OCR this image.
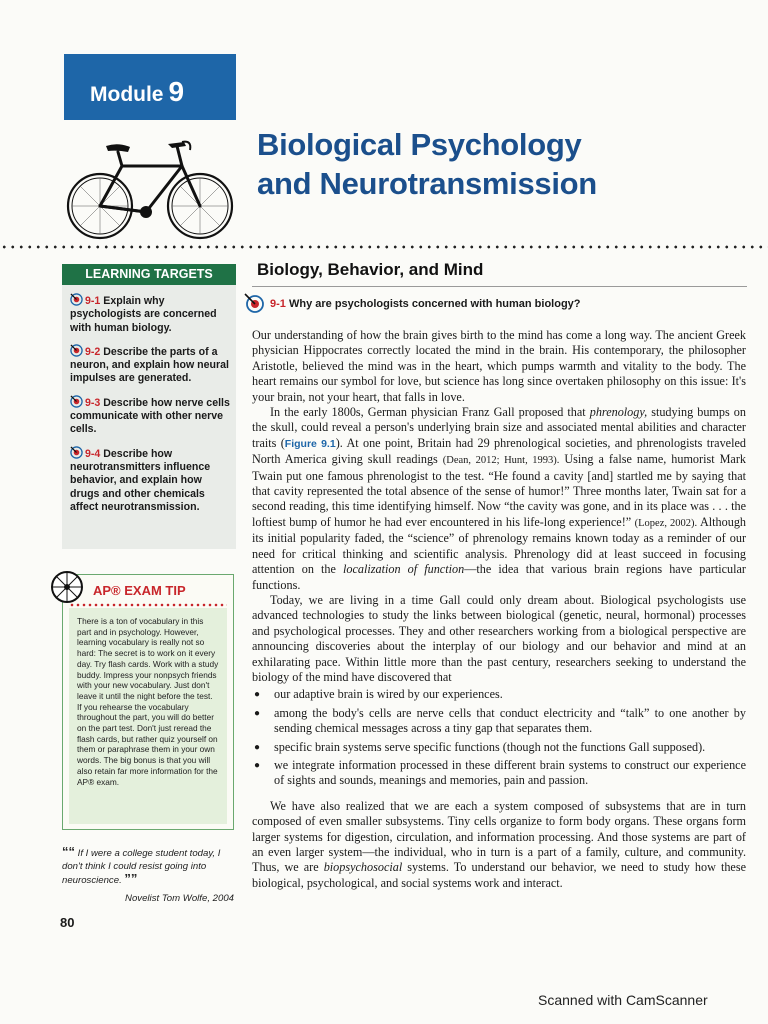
Module 9
Biological Psychology
and Neurotransmission
LEARNING TARGETS
9-1 Explain why psychologists are concerned with human biology.
9-2 Describe the parts of a neuron, and explain how neural impulses are generated.
9-3 Describe how nerve cells communicate with other nerve cells.
9-4 Describe how neurotransmitters influence behavior, and explain how drugs and other chemicals affect neurotransmission.
AP® EXAM TIP
There is a ton of vocabulary in this part and in psychology. However, learning vocabulary is really not so hard: The secret is to work on it every day. Try flash cards. Work with a study buddy. Impress your nonpsych friends with your new vocabulary. Just don't leave it until the night before the test. If you rehearse the vocabulary throughout the part, you will do better on the part test. Don't just reread the flash cards, but rather quiz yourself on them or paraphrase them in your own words. The big bonus is that you will also retain far more information for the AP® exam.
““ If I were a college student today, I don't think I could resist going into neuroscience. ””
Novelist Tom Wolfe, 2004
80
Biology, Behavior, and Mind
9-1 Why are psychologists concerned with human biology?

Our understanding of how the brain gives birth to the mind has come a long way. The ancient Greek physician Hippocrates correctly located the mind in the brain. His contemporary, the philosopher Aristotle, believed the mind was in the heart, which pumps warmth and vitality to the body. The heart remains our symbol for love, but science has long since overtaken philosophy on this issue: It's your brain, not your heart, that falls in love.

In the early 1800s, German physician Franz Gall proposed that phrenology, studying bumps on the skull, could reveal a person's underlying brain size and associated mental abilities and character traits (Figure 9.1). At one point, Britain had 29 phrenological societies, and phrenologists traveled North America giving skull readings (Dean, 2012; Hunt, 1993). Using a false name, humorist Mark Twain put one famous phrenologist to the test. “He found a cavity [and] startled me by saying that that cavity represented the total absence of the sense of humor!” Three months later, Twain sat for a second reading, this time identifying himself. Now “the cavity was gone, and in its place was . . . the loftiest bump of humor he had ever encountered in his life-long experience!” (Lopez, 2002). Although its initial popularity faded, the “science” of phrenology remains known today as a reminder of our need for critical thinking and scientific analysis. Phrenology did at least succeed in focusing attention on the localization of function—the idea that various brain regions have particular functions.

Today, we are living in a time Gall could only dream about. Biological psychologists use advanced technologies to study the links between biological (genetic, neural, hormonal) processes and psychological processes. They and other researchers working from a biological perspective are announcing discoveries about the interplay of our biology and our behavior and mind at an exhilarating pace. Within little more than the past century, researchers seeking to understand the biology of the mind have discovered that

● our adaptive brain is wired by our experiences.
● among the body's cells are nerve cells that conduct electricity and “talk” to one another by sending chemical messages across a tiny gap that separates them.
● specific brain systems serve specific functions (though not the functions Gall supposed).
● we integrate information processed in these different brain systems to construct our experience of sights and sounds, meanings and memories, pain and passion.

We have also realized that we are each a system composed of subsystems that are in turn composed of even smaller subsystems. Tiny cells organize to form body organs. These organs form larger systems for digestion, circulation, and information processing. And those systems are part of an even larger system—the individual, who in turn is a part of a family, culture, and community. Thus, we are biopsychosocial systems. To understand our behavior, we need to study how these biological, psychological, and social systems work and interact.

Scanned with CamScanner
